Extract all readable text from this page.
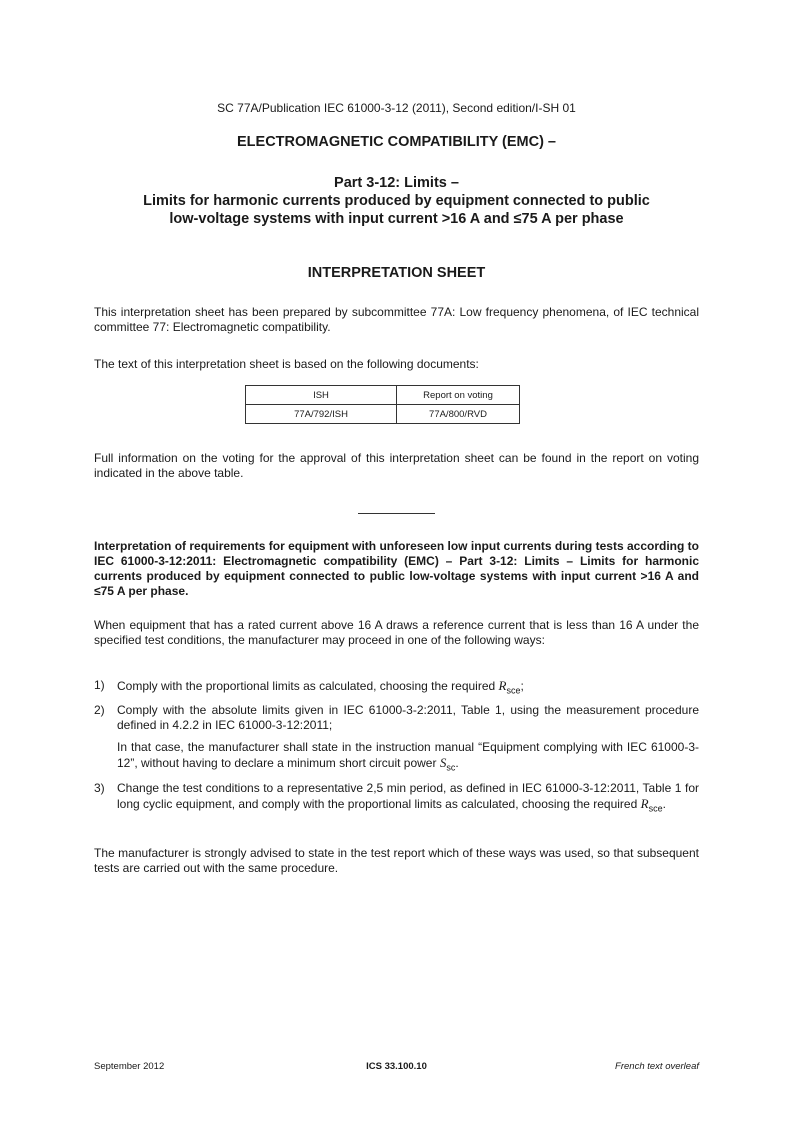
SC 77A/Publication IEC 61000-3-12 (2011), Second edition/I-SH 01
ELECTROMAGNETIC COMPATIBILITY (EMC) –
Part 3-12: Limits –
Limits for harmonic currents produced by equipment connected to public
low-voltage systems with input current >16 A and ≤75 A per phase
INTERPRETATION SHEET
This interpretation sheet has been prepared by subcommittee 77A: Low frequency phenomena, of IEC technical committee 77: Electromagnetic compatibility.
The text of this interpretation sheet is based on the following documents:
ISH	Report on voting
77A/792/ISH	77A/800/RVD
Full information on the voting for the approval of this interpretation sheet can be found in the report on voting indicated in the above table.
Interpretation of requirements for equipment with unforeseen low input currents during tests according to IEC 61000-3-12:2011: Electromagnetic compatibility (EMC) – Part 3-12: Limits – Limits for harmonic currents produced by equipment connected to public low-voltage systems with input current >16 A and ≤75 A per phase.
When equipment that has a rated current above 16 A draws a reference current that is less than 16 A under the specified test conditions, the manufacturer may proceed in one of the following ways:
1) Comply with the proportional limits as calculated, choosing the required $R_{sce}$;

2) Comply with the absolute limits given in IEC 61000-3-2:2011, Table 1, using the measurement procedure defined in 4.2.2 in IEC 61000-3-12:2011;

In that case, the manufacturer shall state in the instruction manual “Equipment complying with IEC 61000-3-12”, without having to declare a minimum short circuit power $S_{sc}$.

3) Change the test conditions to a representative 2,5 min period, as defined in IEC 61000-3-12:2011, Table 1 for long cyclic equipment, and comply with the proportional limits as calculated, choosing the required $R_{sce}$.

The manufacturer is strongly advised to state in the test report which of these ways was used, so that subsequent tests are carried out with the same procedure.
September 2012	ICS 33.100.10	French text overleaf
